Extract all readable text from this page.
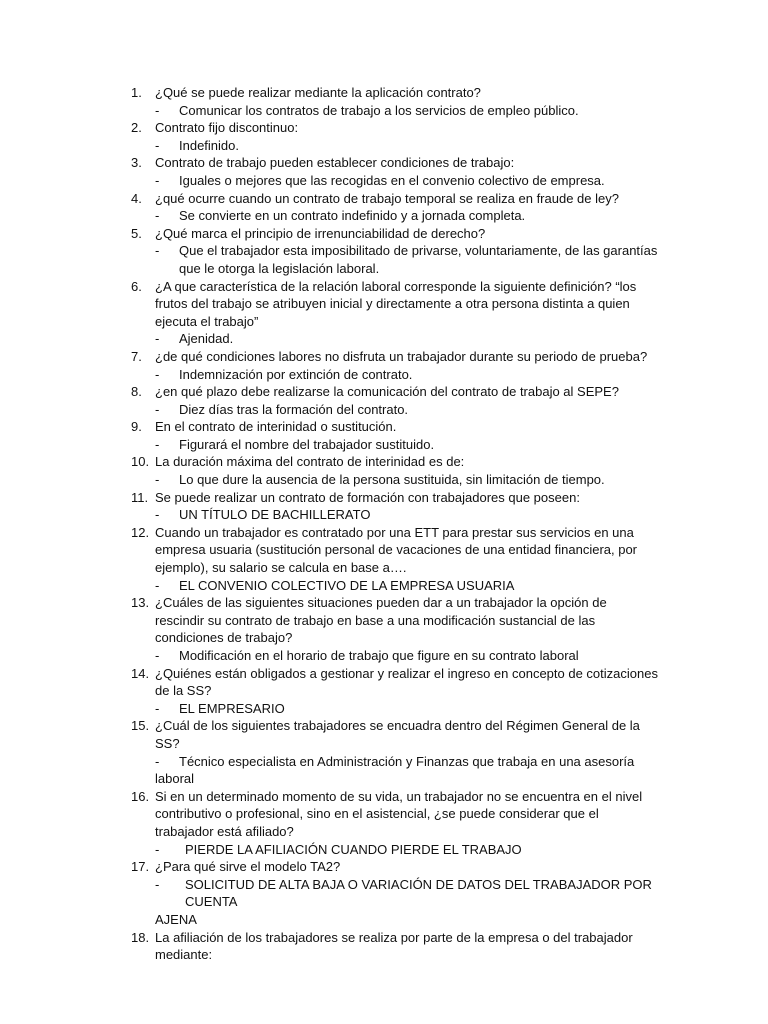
1.	¿Qué se puede realizar mediante la aplicación contrato?
-	Comunicar los contratos de trabajo a los servicios de empleo público.
2.	Contrato fijo discontinuo:
-	Indefinido.
3.	Contrato de trabajo pueden establecer condiciones de trabajo:
-	Iguales o mejores que las recogidas en el convenio colectivo de empresa.
4.	¿qué ocurre cuando un contrato de trabajo temporal se realiza en fraude de ley?
-	Se convierte en un contrato indefinido y a jornada completa.
5.	¿Qué marca el principio de irrenunciabilidad de derecho?
-	Que el trabajador esta imposibilitado de privarse, voluntariamente, de las garantías que le otorga la legislación laboral.
6.	¿A que característica de la relación laboral corresponde la siguiente definición? “los frutos del trabajo se atribuyen inicial y directamente a otra persona distinta a quien ejecuta el trabajo”
-	Ajenidad.
7.	¿de qué condiciones labores no disfruta un trabajador durante su periodo de prueba?
-	Indemnización por extinción de contrato.
8.	¿en qué plazo debe realizarse la comunicación del contrato de trabajo al SEPE?
-	Diez días tras la formación del contrato.
9.	En el contrato de interinidad o sustitución.
-	Figurará el nombre del trabajador sustituido.
10. La duración máxima del contrato de interinidad es de:
-	Lo que dure la ausencia de la persona sustituida, sin limitación de tiempo.
11. Se puede realizar un contrato de formación con trabajadores que poseen:
-	UN TÍTULO DE BACHILLERATO
12. Cuando un trabajador es contratado por una ETT para prestar sus servicios en una empresa usuaria (sustitución personal de vacaciones de una entidad financiera, por ejemplo), su salario se calcula en base a….
-	EL CONVENIO COLECTIVO DE LA EMPRESA USUARIA
13. ¿Cuáles de las siguientes situaciones pueden dar a un trabajador la opción de rescindir su contrato de trabajo en base a una modificación sustancial de las condiciones de trabajo?
-	Modificación en el horario de trabajo que figure en su contrato laboral
14. ¿Quiénes están obligados a gestionar y realizar el ingreso en concepto de cotizaciones de la SS?
-	EL EMPRESARIO
15. ¿Cuál de los siguientes trabajadores se encuadra dentro del Régimen General de la SS?
-	Técnico especialista en Administración y Finanzas que trabaja en una asesoría
laboral
16. Si en un determinado momento de su vida, un trabajador no se encuentra en el nivel contributivo o profesional, sino en el asistencial, ¿se puede considerar que el trabajador está afiliado?
-	PIERDE LA AFILIACIÓN CUANDO PIERDE EL TRABAJO
17. ¿Para qué sirve el modelo TA2?
-	SOLICITUD DE ALTA BAJA O VARIACIÓN DE DATOS DEL TRABAJADOR POR CUENTA
AJENA
18. La afiliación de los trabajadores se realiza por parte de la empresa o del trabajador mediante:
